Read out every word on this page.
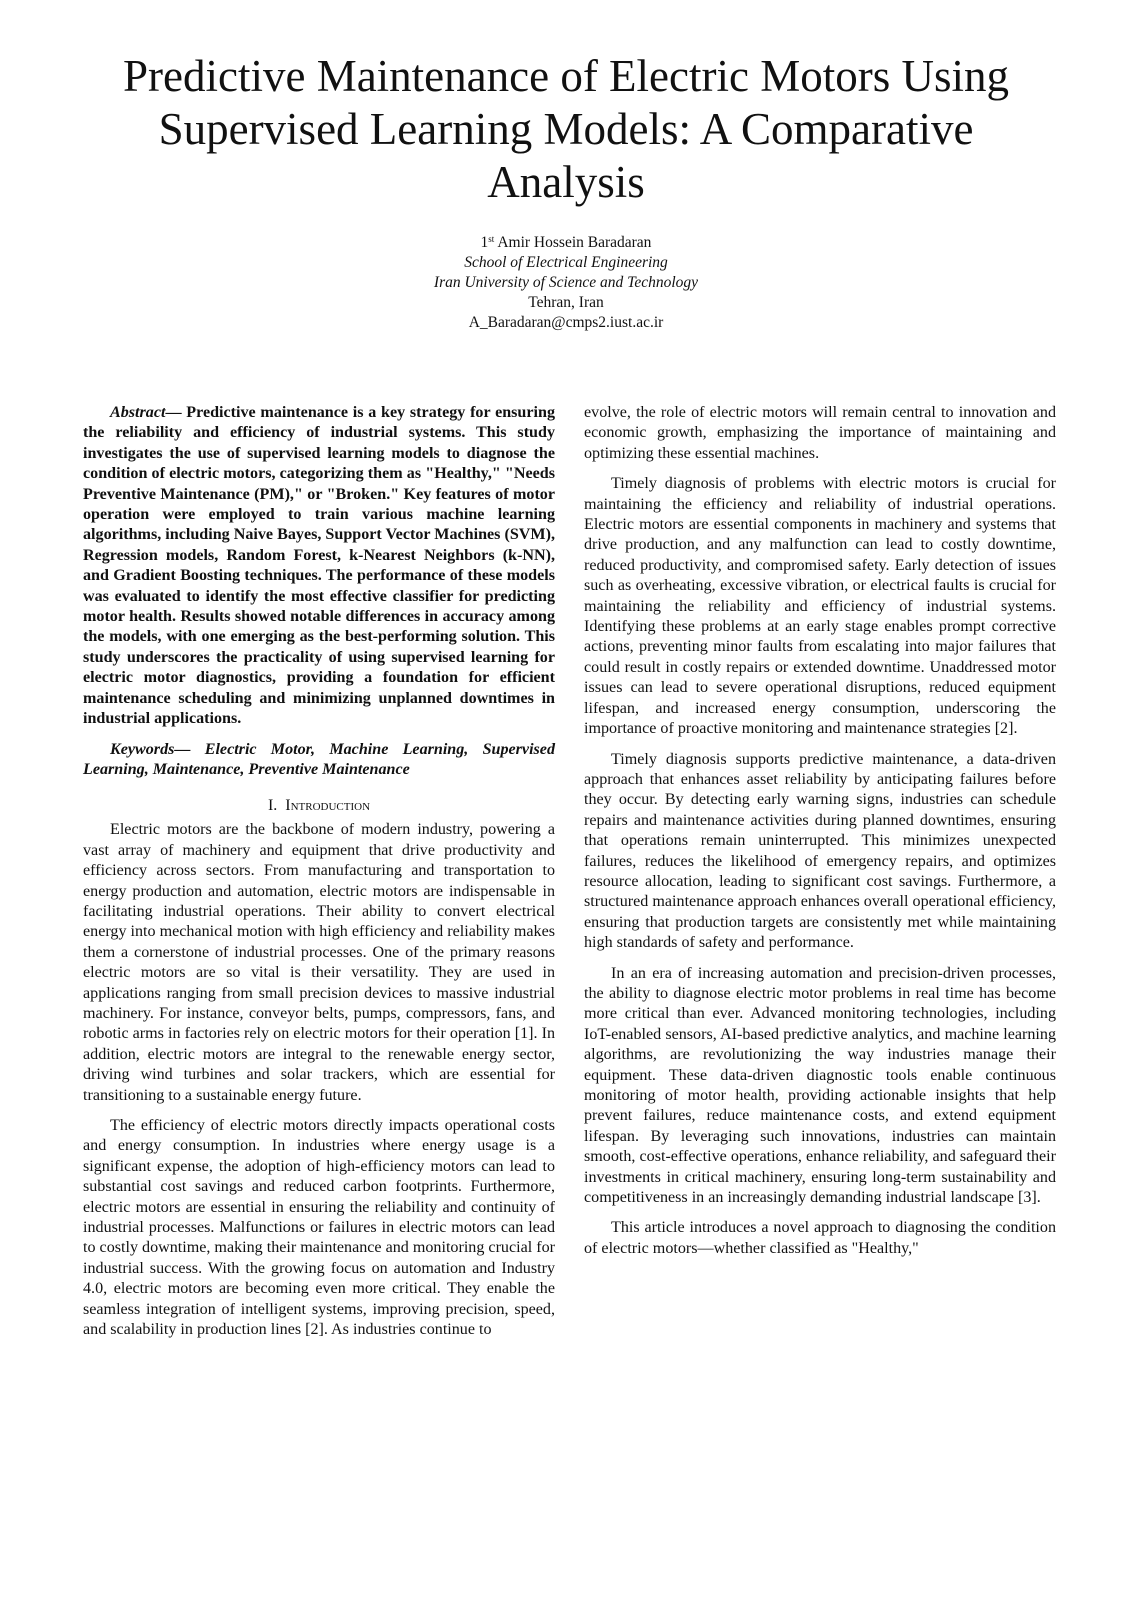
Predictive Maintenance of Electric Motors Using
Supervised Learning Models: A Comparative
Analysis
1st Amir Hossein Baradaran
School of Electrical Engineering
Iran University of Science and Technology
Tehran, Iran
A_Baradaran@cmps2.iust.ac.ir

Abstract— Predictive maintenance is a key strategy for ensuring the reliability and efficiency of industrial systems. This study investigates the use of supervised learning models to diagnose the condition of electric motors, categorizing them as "Healthy," "Needs Preventive Maintenance (PM)," or "Broken." Key features of motor operation were employed to train various machine learning algorithms, including Naive Bayes, Support Vector Machines (SVM), Regression models, Random Forest, k-Nearest Neighbors (k-NN), and Gradient Boosting techniques. The performance of these models was evaluated to identify the most effective classifier for predicting motor health. Results showed notable differences in accuracy among the models, with one emerging as the best-performing solution. This study underscores the practicality of using supervised learning for electric motor diagnostics, providing a foundation for efficient maintenance scheduling and minimizing unplanned downtimes in industrial applications.

Keywords— Electric Motor, Machine Learning, Supervised Learning, Maintenance, Preventive Maintenance

I. Introduction

Electric motors are the backbone of modern industry, powering a vast array of machinery and equipment that drive productivity and efficiency across sectors. From manufacturing and transportation to energy production and automation, electric motors are indispensable in facilitating industrial operations. Their ability to convert electrical energy into mechanical motion with high efficiency and reliability makes them a cornerstone of industrial processes. One of the primary reasons electric motors are so vital is their versatility. They are used in applications ranging from small precision devices to massive industrial machinery. For instance, conveyor belts, pumps, compressors, fans, and robotic arms in factories rely on electric motors for their operation [1]. In addition, electric motors are integral to the renewable energy sector, driving wind turbines and solar trackers, which are essential for transitioning to a sustainable energy future.

The efficiency of electric motors directly impacts operational costs and energy consumption. In industries where energy usage is a significant expense, the adoption of high-efficiency motors can lead to substantial cost savings and reduced carbon footprints. Furthermore, electric motors are essential in ensuring the reliability and continuity of industrial processes. Malfunctions or failures in electric motors can lead to costly downtime, making their maintenance and monitoring crucial for industrial success. With the growing focus on automation and Industry 4.0, electric motors are becoming even more critical. They enable the seamless integration of intelligent systems, improving precision, speed, and scalability in production lines [2]. As industries continue to

evolve, the role of electric motors will remain central to innovation and economic growth, emphasizing the importance of maintaining and optimizing these essential machines.

Timely diagnosis of problems with electric motors is crucial for maintaining the efficiency and reliability of industrial operations. Electric motors are essential components in machinery and systems that drive production, and any malfunction can lead to costly downtime, reduced productivity, and compromised safety. Early detection of issues such as overheating, excessive vibration, or electrical faults is crucial for maintaining the reliability and efficiency of industrial systems. Identifying these problems at an early stage enables prompt corrective actions, preventing minor faults from escalating into major failures that could result in costly repairs or extended downtime. Unaddressed motor issues can lead to severe operational disruptions, reduced equipment lifespan, and increased energy consumption, underscoring the importance of proactive monitoring and maintenance strategies [2].

Timely diagnosis supports predictive maintenance, a data-driven approach that enhances asset reliability by anticipating failures before they occur. By detecting early warning signs, industries can schedule repairs and maintenance activities during planned downtimes, ensuring that operations remain uninterrupted. This minimizes unexpected failures, reduces the likelihood of emergency repairs, and optimizes resource allocation, leading to significant cost savings. Furthermore, a structured maintenance approach enhances overall operational efficiency, ensuring that production targets are consistently met while maintaining high standards of safety and performance.

In an era of increasing automation and precision-driven processes, the ability to diagnose electric motor problems in real time has become more critical than ever. Advanced monitoring technologies, including IoT-enabled sensors, AI-based predictive analytics, and machine learning algorithms, are revolutionizing the way industries manage their equipment. These data-driven diagnostic tools enable continuous monitoring of motor health, providing actionable insights that help prevent failures, reduce maintenance costs, and extend equipment lifespan. By leveraging such innovations, industries can maintain smooth, cost-effective operations, enhance reliability, and safeguard their investments in critical machinery, ensuring long-term sustainability and competitiveness in an increasingly demanding industrial landscape [3].

This article introduces a novel approach to diagnosing the condition of electric motors—whether classified as "Healthy,"
